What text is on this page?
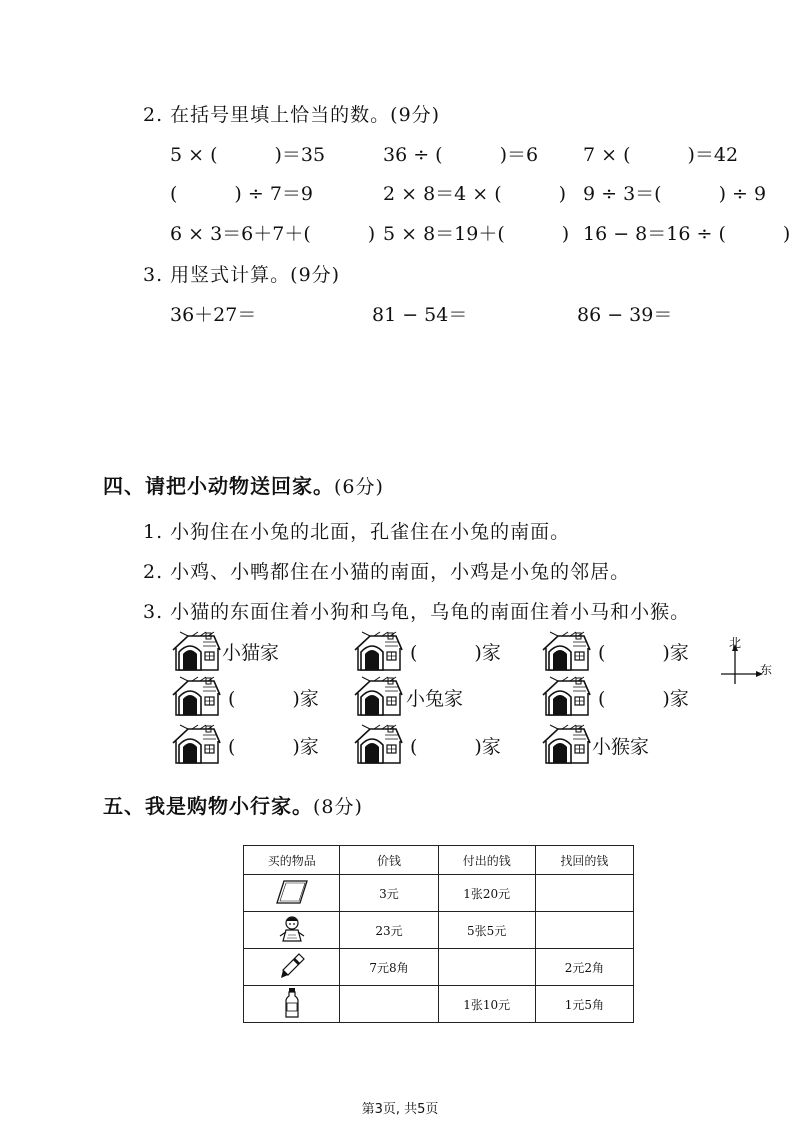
2. 在括号里填上恰当的数。(9分)
5 × (　　　)＝35	36 ÷ (　　　)＝6 7 × (　　　)＝42
(　　　) ÷ 7＝9	2 × 8＝4 × (　　　) 9 ÷ 3＝(　　　) ÷ 9
6 × 3＝6＋7＋(　　　) 5 × 8＝19＋(　　　) 16 − 8＝16 ÷ (　　　)
3. 用竖式计算。(9分)
36＋27＝	81 − 54＝	86 − 39＝
四、请把小动物送回家。(6分)
1. 小狗住在小兔的北面，孔雀住在小兔的南面。
2. 小鸡、小鸭都住在小猫的南面，小鸡是小兔的邻居。
3. 小猫的东面住着小狗和乌龟，乌龟的南面住着小马和小猴。
小猫家	(　　　)家	(　　　)家
(　　　)家	小兔家	(　　　)家
(　　　)家	(　　　)家	小猴家
北
东
五、我是购物小行家。(8分)
买的物品	价钱	付出的钱	找回的钱
	3元	1张20元	
	23元	5张5元	
	7元8角		2元2角
		1张10元	1元5角
第3页, 共5页
